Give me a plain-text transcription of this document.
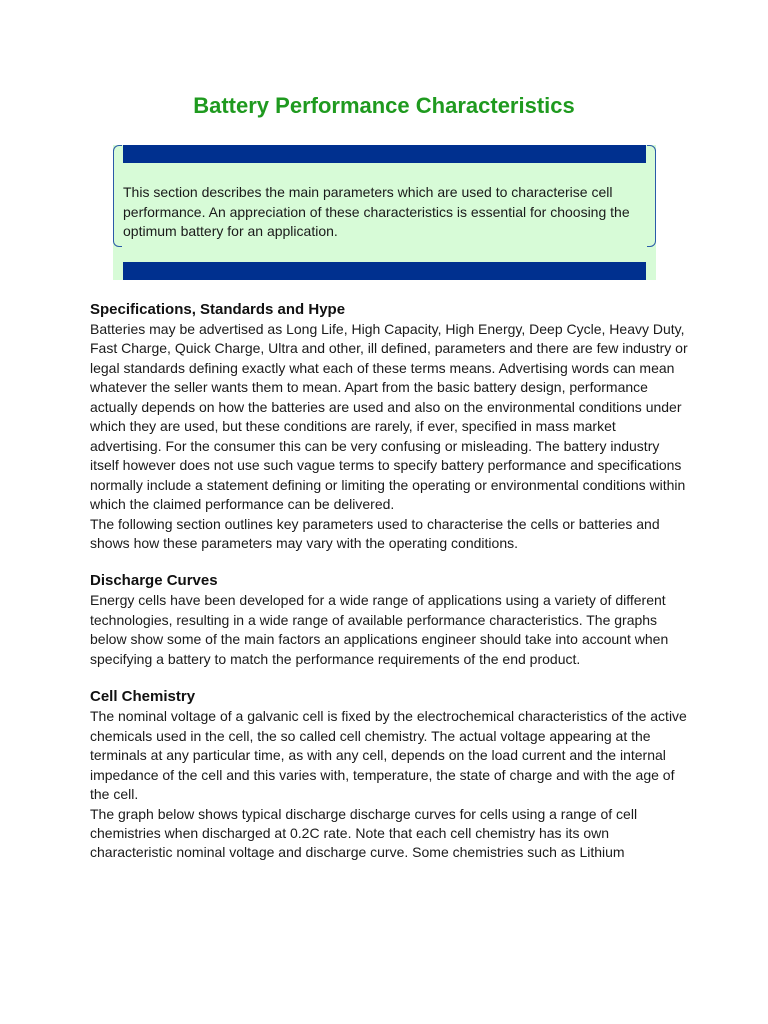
Battery Performance Characteristics
This section describes the main parameters which are used to characterise cell performance. An appreciation of these characteristics is essential for choosing the optimum battery for an application.
Specifications, Standards and Hype

Batteries may be advertised as Long Life, High Capacity, High Energy, Deep Cycle, Heavy Duty, Fast Charge, Quick Charge, Ultra and other, ill defined, parameters and there are few industry or legal standards defining exactly what each of these terms means. Advertising words can mean whatever the seller wants them to mean. Apart from the basic battery design, performance actually depends on how the batteries are used and also on the environmental conditions under which they are used, but these conditions are rarely, if ever, specified in mass market advertising. For the consumer this can be very confusing or misleading. The battery industry itself however does not use such vague terms to specify battery performance and specifications normally include a statement defining or limiting the operating or environmental conditions within which the claimed performance can be delivered.

The following section outlines key parameters used to characterise the cells or batteries and shows how these parameters may vary with the operating conditions.

Discharge Curves

Energy cells have been developed for a wide range of applications using a variety of different technologies, resulting in a wide range of available performance characteristics. The graphs below show some of the main factors an applications engineer should take into account when specifying a battery to match the performance requirements of the end product.

Cell Chemistry

The nominal voltage of a galvanic cell is fixed by the electrochemical characteristics of the active chemicals used in the cell, the so called cell chemistry. The actual voltage appearing at the terminals at any particular time, as with any cell, depends on the load current and the internal impedance of the cell and this varies with, temperature, the state of charge and with the age of the cell.

The graph below shows typical discharge discharge curves for cells using a range of cell chemistries when discharged at 0.2C rate. Note that each cell chemistry has its own characteristic nominal voltage and discharge curve. Some chemistries such as Lithium
